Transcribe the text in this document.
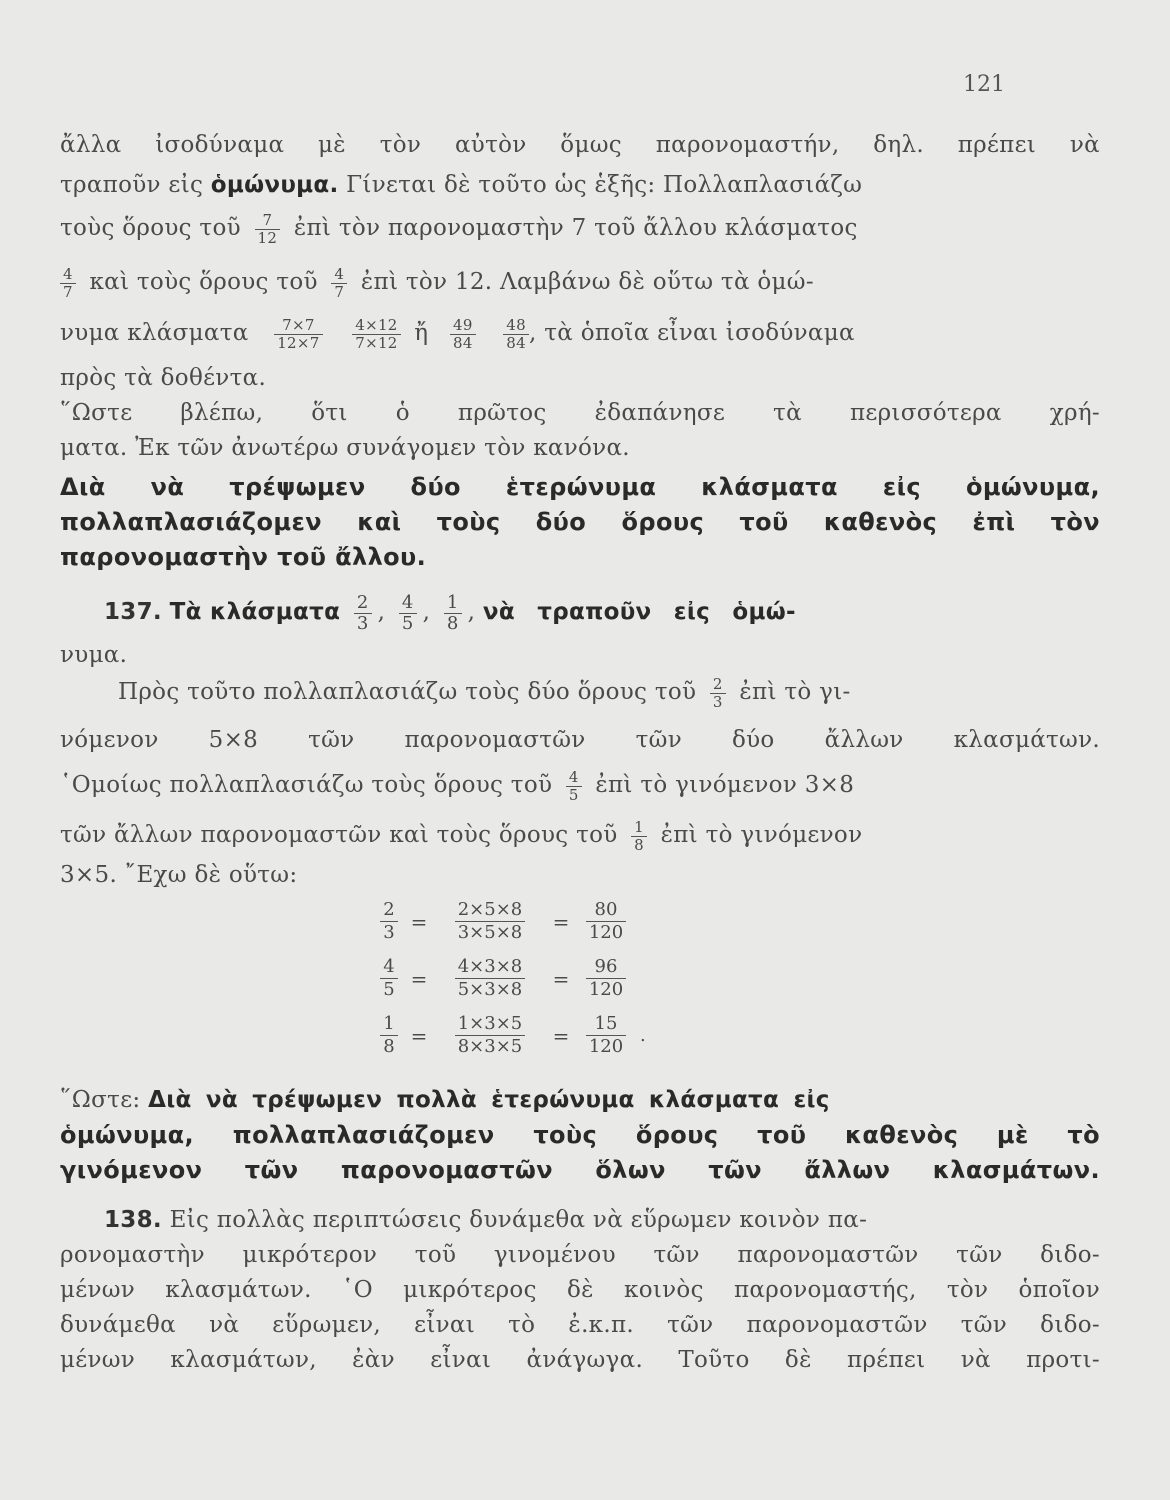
121
ἄλλα ἰσοδύναμα μὲ τὸν αὐτὸν ὅμως παρονομαστήν, δηλ. πρέπει νὰ
τραποῦν εἰς ὁμώνυμα. Γίνεται δὲ τοῦτο ὡς ἑξῆς: Πολλαπλασιάζω
τοὺς ὅρους τοῦ $\frac{7}{12}$ ἐπὶ τὸν παρονομαστὴν 7 τοῦ ἄλλου κλάσματος
$\frac{4}{7}$ καὶ τοὺς ὅρους τοῦ $\frac{4}{7}$ ἐπὶ τὸν 12. Λαμβάνω δὲ οὕτω τὰ ὁμώ-
νυμα κλάσματα $\frac{7\times 7}{12\times 7}$
$\frac{4\times 12}{7\times 12}$ ἤ $\frac{49}{84}$
$\frac{48}{84}$ , τὰ ὁποῖα εἶναι ἰσοδύναμα
πρὸς τὰ δοθέντα.
῞Ωστε βλέπω, ὅτι ὁ πρῶτος ἐδαπάνησε τὰ περισσότερα χρή-
ματα. Ἐκ τῶν ἀνωτέρω συνάγομεν τὸν κανόνα.
Διὰ νὰ τρέψωμεν δύο ἑτερώνυμα κλάσματα εἰς ὁμώνυμα,
πολλαπλασιάζομεν καὶ τοὺς δύο ὅρους τοῦ καθενὸς ἐπὶ τὸν
παρονομαστὴν τοῦ ἄλλου.
137. Τὰ κλάσματα $\frac{2}{3}$ , $\frac{4}{5}$ , $\frac{1}{8}$ , νὰ τραποῦν εἰς ὁμώ-
νυμα.
Πρὸς τοῦτο πολλαπλασιάζω τοὺς δύο ὅρους τοῦ $\frac{2}{3}$ ἐπὶ τὸ γι-
νόμενον 5×8 τῶν παρονομαστῶν τῶν δύο ἄλλων κλασμάτων.
῾Ομοίως πολλαπλασιάζω τοὺς ὅρους τοῦ $\frac{4}{5}$ ἐπὶ τὸ γινόμενον 3×8
τῶν ἄλλων παρονομαστῶν καὶ τοὺς ὅρους τοῦ $\frac{1}{8}$ ἐπὶ τὸ γινόμενον
3×5. ῎Εχω δὲ οὕτω:
$\frac{2}{3} = \frac{2\times 5\times 8}{3\times 5\times 8} = \frac{80}{120}$
$\frac{4}{5} = \frac{4\times 3\times 8}{5\times 3\times 8} = \frac{96}{120}$
$\frac{1}{8} = \frac{1\times 3\times 5}{8\times 3\times 5} = \frac{15}{120}$ .
῞Ωστε: Διὰ νὰ τρέψωμεν πολλὰ ἑτερώνυμα κλάσματα εἰς
ὁμώνυμα, πολλαπλασιάζομεν τοὺς ὅρους τοῦ καθενὸς μὲ τὸ
γινόμενον τῶν παρονομαστῶν ὅλων τῶν ἄλλων κλασμάτων.
138. Εἰς πολλὰς περιπτώσεις δυνάμεθα νὰ εὕρωμεν κοινὸν πα-
ρονομαστὴν μικρότερον τοῦ γινομένου τῶν παρονομαστῶν τῶν διδο-
μένων κλασμάτων. ῾Ο μικρότερος δὲ κοινὸς παρονομαστής, τὸν ὁποῖον
δυνάμεθα νὰ εὕρωμεν, εἶναι τὸ ἐ.κ.π. τῶν παρονομαστῶν τῶν διδο-
μένων κλασμάτων, ἐὰν εἶναι ἀνάγωγα. Τοῦτο δὲ πρέπει νὰ προτι-
